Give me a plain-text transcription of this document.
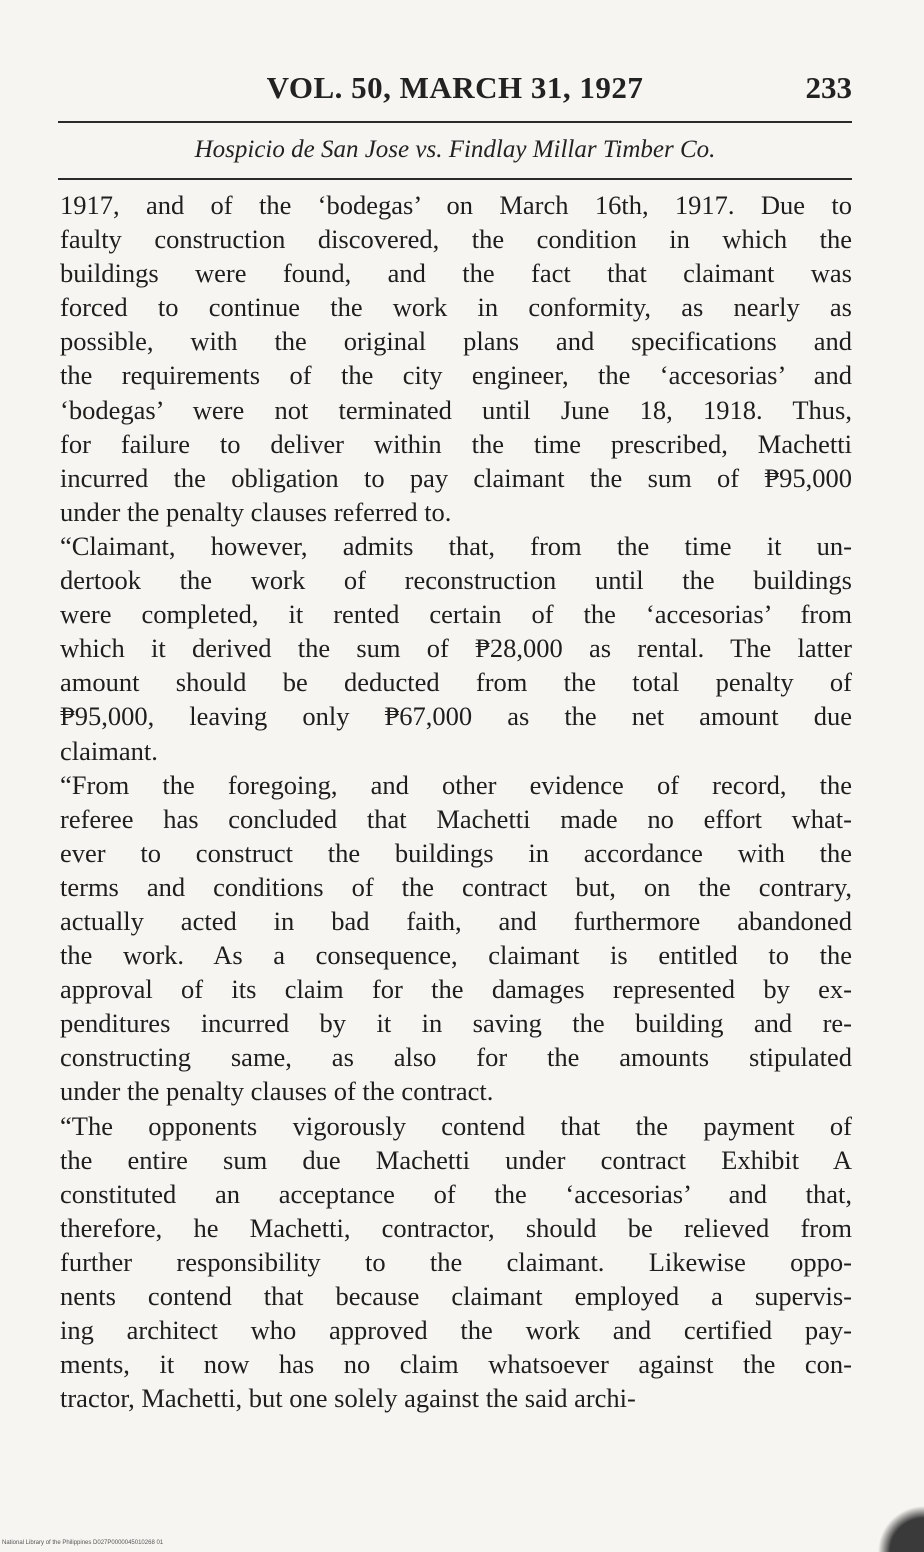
VOL. 50, MARCH 31, 1927	233
Hospicio de San Jose vs. Findlay Millar Timber Co.
1917, and of the ‘bodegas’ on March 16th, 1917. Due to
faulty construction discovered, the condition in which the
buildings were found, and the fact that claimant was
forced to continue the work in conformity, as nearly as
possible, with the original plans and specifications and
the requirements of the city engineer, the ‘accesorias’ and
‘bodegas’ were not terminated until June 18, 1918. Thus,
for failure to deliver within the time prescribed, Machetti
incurred the obligation to pay claimant the sum of ₱95,000
under the penalty clauses referred to.
“Claimant, however, admits that, from the time it un-
dertook the work of reconstruction until the buildings
were completed, it rented certain of the ‘accesorias’ from
which it derived the sum of ₱28,000 as rental. The latter
amount should be deducted from the total penalty of
₱95,000, leaving only ₱67,000 as the net amount due
claimant.
“From the foregoing, and other evidence of record, the
referee has concluded that Machetti made no effort what-
ever to construct the buildings in accordance with the
terms and conditions of the contract but, on the contrary,
actually acted in bad faith, and furthermore abandoned
the work. As a consequence, claimant is entitled to the
approval of its claim for the damages represented by ex-
penditures incurred by it in saving the building and re-
constructing same, as also for the amounts stipulated
under the penalty clauses of the contract.
“The opponents vigorously contend that the payment of
the entire sum due Machetti under contract Exhibit A
constituted an acceptance of the ‘accesorias’ and that,
therefore, he Machetti, contractor, should be relieved from
further responsibility to the claimant. Likewise oppo-
nents contend that because claimant employed a supervis-
ing architect who approved the work and certified pay-
ments, it now has no claim whatsoever against the con-
tractor, Machetti, but one solely against the said archi-
National Library of the Philippines D027P0000045010268 01
